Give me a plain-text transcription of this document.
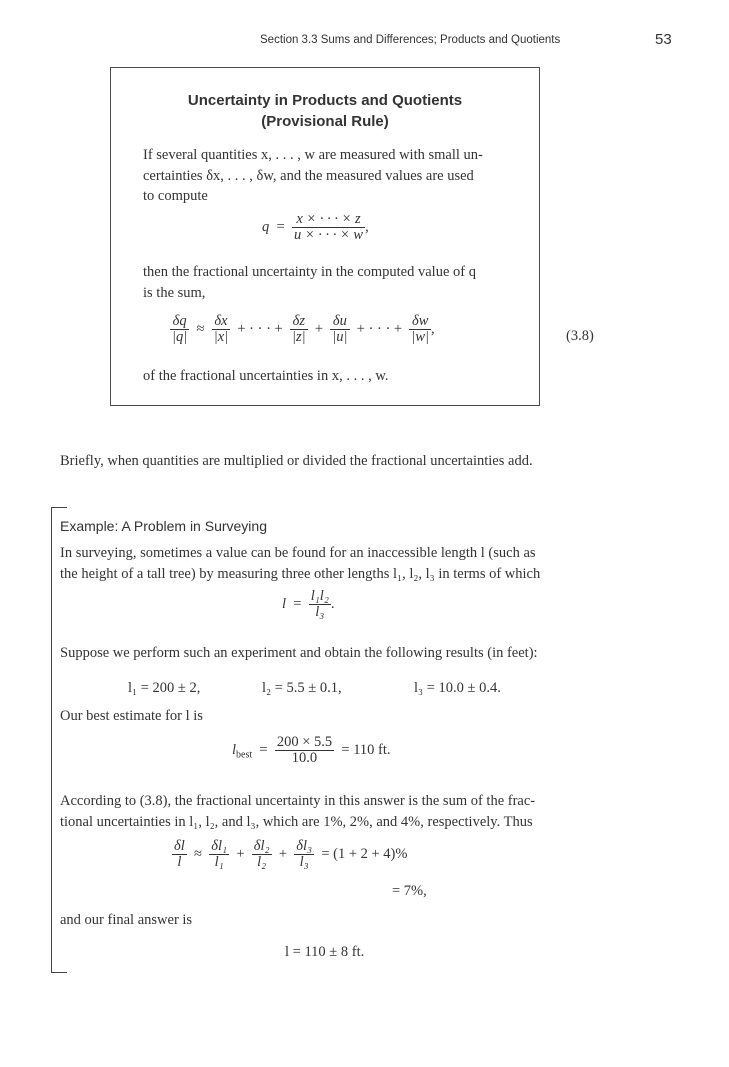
Section 3.3 Sums and Differences; Products and Quotients	53
Uncertainty in Products and Quotients
(Provisional Rule)
If several quantities x, . . . , w are measured with small un-
certainties δx, . . . , δw, and the measured values are used
to compute
$q = \frac{x \times \cdot \cdot \cdot \times z}{u \times \cdot \cdot \cdot \times w}$ ,
then the fractional uncertainty in the computed value of q
is the sum,
$\frac{\delta q}{|q|} \approx \frac{\delta x}{|x|}$ + · · · + $\frac{\delta z}{|z|} + \frac{\delta u}{|u|}$ + · · · + $\frac{\delta w}{|w|}$ ,	(3.8)
of the fractional uncertainties in x, . . . , w.
Briefly, when quantities are multiplied or divided the fractional uncertainties add.
Example: A Problem in Surveying
In surveying, sometimes a value can be found for an inaccessible length l (such as
the height of a tall tree) by measuring three other lengths l₁, l₂, l₃ in terms of which
$l = \frac{\text{l₁l₂}}{\text{l₃}}$ .
Suppose we perform such an experiment and obtain the following results (in feet):
l₁ = 200 ± 2,	l₂ = 5.5 ± 0.1,	l₃ = 10.0 ± 0.4.
Our best estimate for l is
$l_{best} = \frac{200 \times 5.5}{10.0} = 110$ ft.
According to (3.8), the fractional uncertainty in this answer is the sum of the frac-
tional uncertainties in l₁, l₂, and l₃, which are 1%, 2%, and 4%, respectively. Thus
$\frac{\delta l}{l} \approx \frac{\text{δl₁}}{\text{l₁}} + \frac{\text{δl₂}}{\text{l₂}} + \frac{\text{δl₃}}{\text{l₃}} = (1 + 2 + 4)\%$
= 7%,
and our final answer is
l = 110 ± 8 ft.
